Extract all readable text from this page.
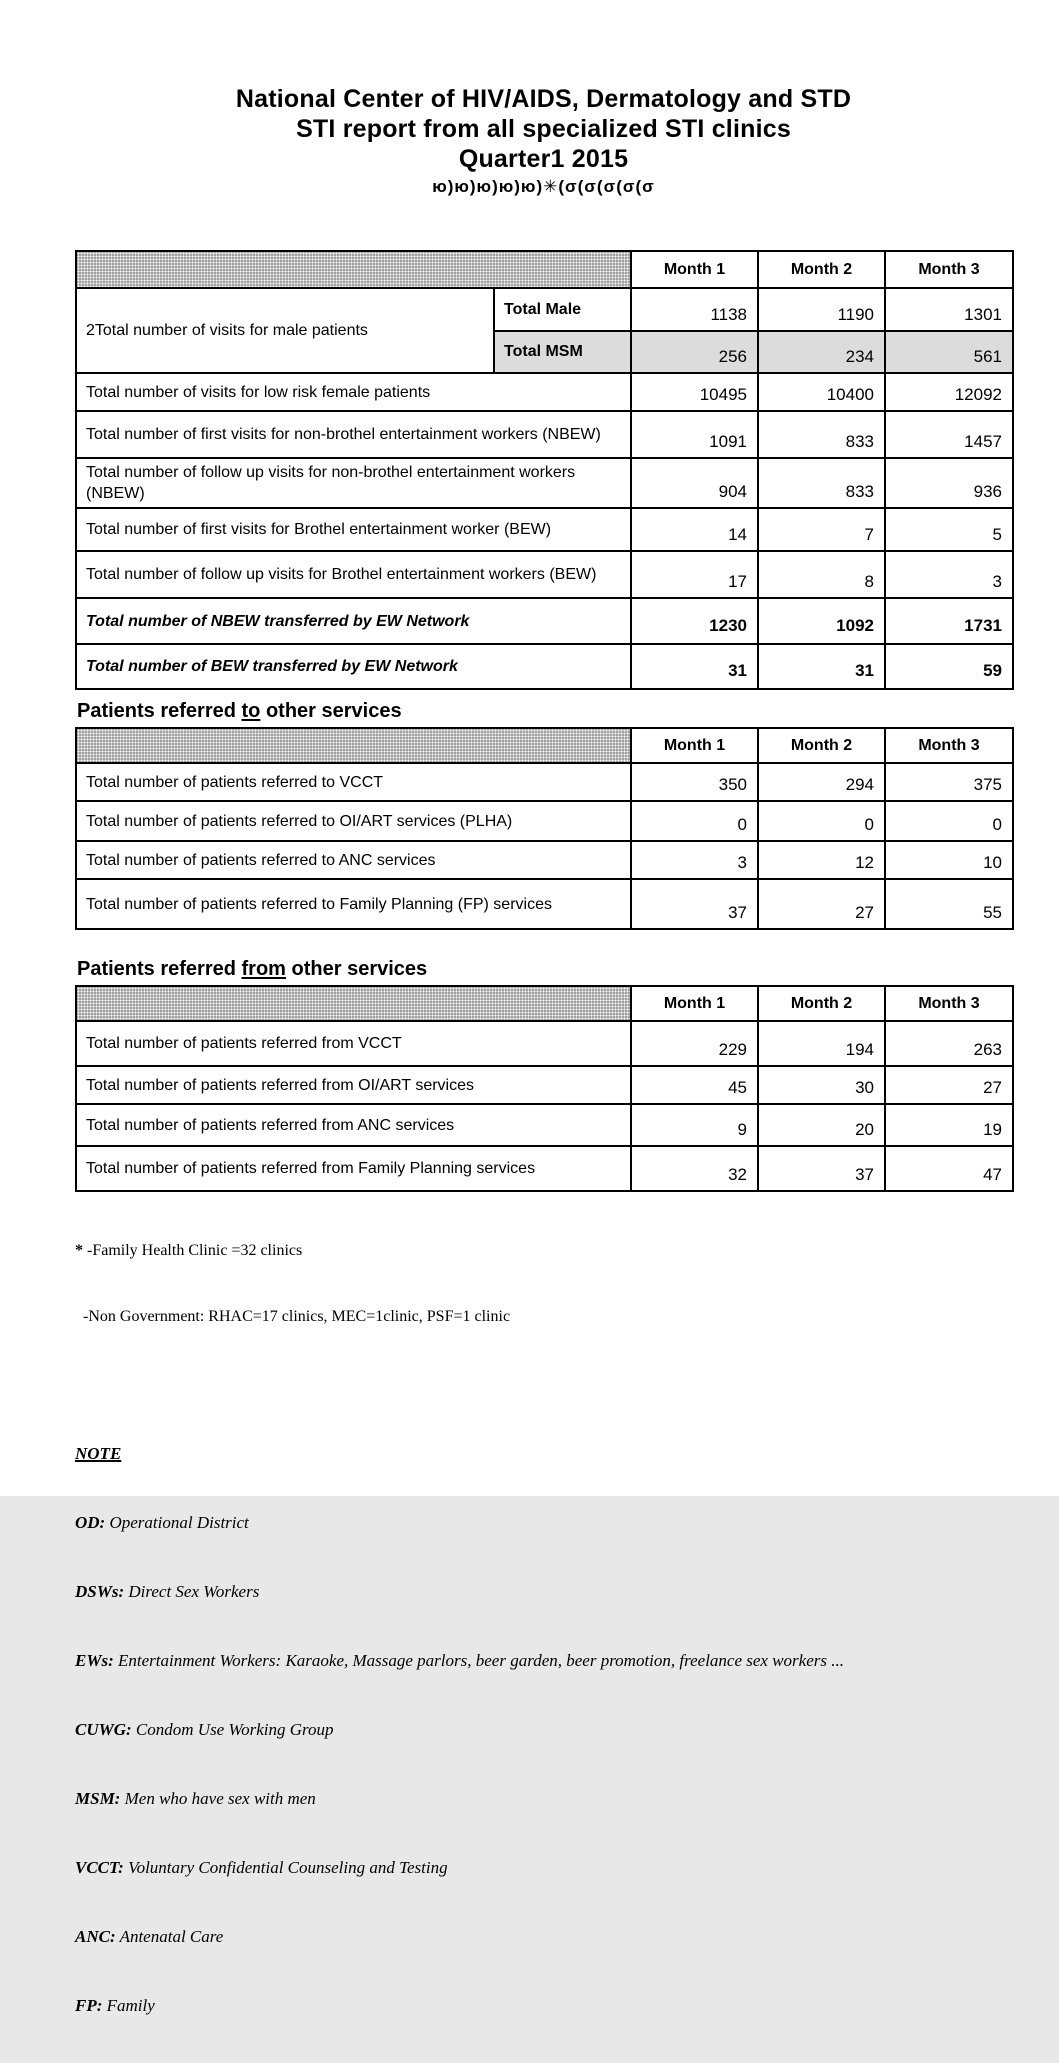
National Center of HIV/AIDS, Dermatology and STD
STI report from all specialized STI clinics
Quarter1 2015
ю)ю)ю)ю)ю)✳(σ(σ(σ(σ(σ
		Month 1	Month 2	Month 3
2Total number of visits for male patients	Total Male	1138	1190	1301
	Total MSM	256	234	561
Total number of visits for low risk female patients		10495	10400	12092
Total number of first visits for non-brothel entertainment workers (NBEW)		1091	833	1457
Total number of follow up visits for non-brothel entertainment workers (NBEW)		904	833	936
Total number of first visits for Brothel entertainment worker (BEW)		14	7	5
Total number of follow up visits for Brothel entertainment workers (BEW)		17	8	3
Total number of NBEW transferred by EW Network		1230	1092	1731
Total number of BEW transferred by EW Network		31	31	59
Patients referred to other services
	Month 1	Month 2	Month 3
Total number of patients referred to VCCT	350	294	375
Total number of patients referred to OI/ART services (PLHA)	0	0	0
Total number of patients referred to ANC services	3	12	10
Total number of patients referred to Family Planning (FP) services	37	27	55
Patients referred from other services
	Month 1	Month 2	Month 3
Total number of patients referred from VCCT	229	194	263
Total number of patients referred from OI/ART services	45	30	27
Total number of patients referred from ANC services	9	20	19
Total number of patients referred from Family Planning services	32	37	47

* -Family Health Clinic =32 clinics

-Non Government: RHAC=17 clinics, MEC=1clinic, PSF=1 clinic

NOTE

OD: Operational District

DSWs: Direct Sex Workers

EWs: Entertainment Workers: Karaoke, Massage parlors, beer garden, beer promotion, freelance sex workers ...

CUWG: Condom Use Working Group

MSM: Men who have sex with men

VCCT: Voluntary Confidential Counseling and Testing

ANC: Antenatal Care

FP: Family
